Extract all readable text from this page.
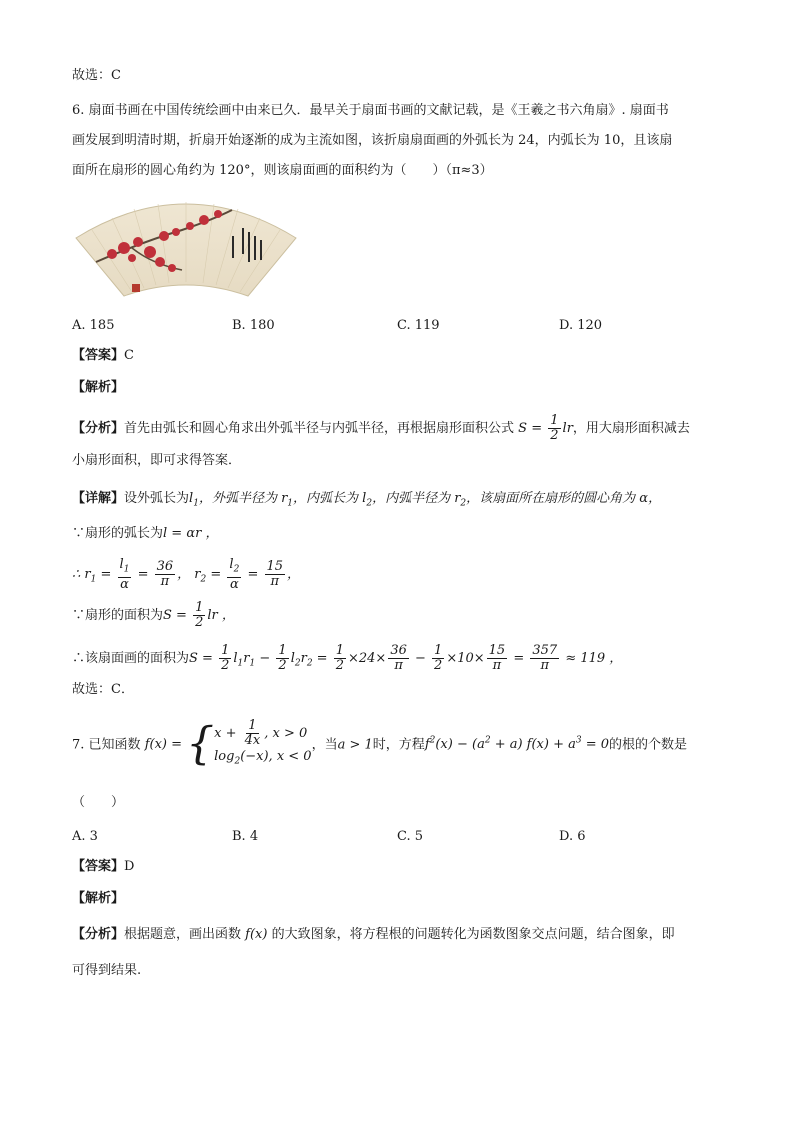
故选：C
6. 扇面书画在中国传统绘画中由来已久．最早关于扇面书画的文献记载，是《王羲之书六角扇》. 扇面书
画发展到明清时期，折扇开始逐渐的成为主流如图，该折扇扇面画的外弧长为 24，内弧长为 10，且该扇
面所在扇形的圆心角约为 120°，则该扇面画的面积约为（　　）（π≈3）
A. 185	B. 180	C. 119	D. 120
【答案】C
【解析】
【分析】首先由弧长和圆心角求出外弧半径与内弧半径，再根据扇形面积公式 $S = \frac{1}{2}$ lr，用大扇形面积减去
小扇形面积，即可求得答案．
【详解】设外弧长为$l_1$，外弧半径为 $r_1$，内弧长为 $l_2$，内弧半径为 $r_2$，该扇面所在扇形的圆心角为 α，
∵扇形的弧长为l = αr ，
∴ $r_1 = \frac{l_1}{\alpha} = \frac{36}{\pi}$ ， $r_2 = \frac{l_2}{\alpha} = \frac{15}{\pi}$ ，
∵扇形的面积为$S = \frac{1}{2}$ lr ，
∴该扇面画的面积为$S = \frac{1}{2} l_1r_1 - \frac{1}{2} l_2r_2 = \frac{1}{2} \times 24\times \frac{36}{\pi} - \frac{1}{2} \times 10\times \frac{15}{\pi} = \frac{357}{\pi} \approx 119$ ，
故选：C．
7. 已知函数 f(x) = { $x + \frac{1}{4x}$ , x > 0
$\log_2(-x)$, x < 0
，当a > 1时，方程$f^2(x) - (a^2 + a) f(x) + a^3 = 0$的根的个数是
（　　）
A. 3	B. 4	C. 5	D. 6
【答案】D
【解析】
【分析】根据题意，画出函数 f(x) 的大致图象，将方程根的问题转化为函数图象交点问题，结合图象，即
可得到结果.
